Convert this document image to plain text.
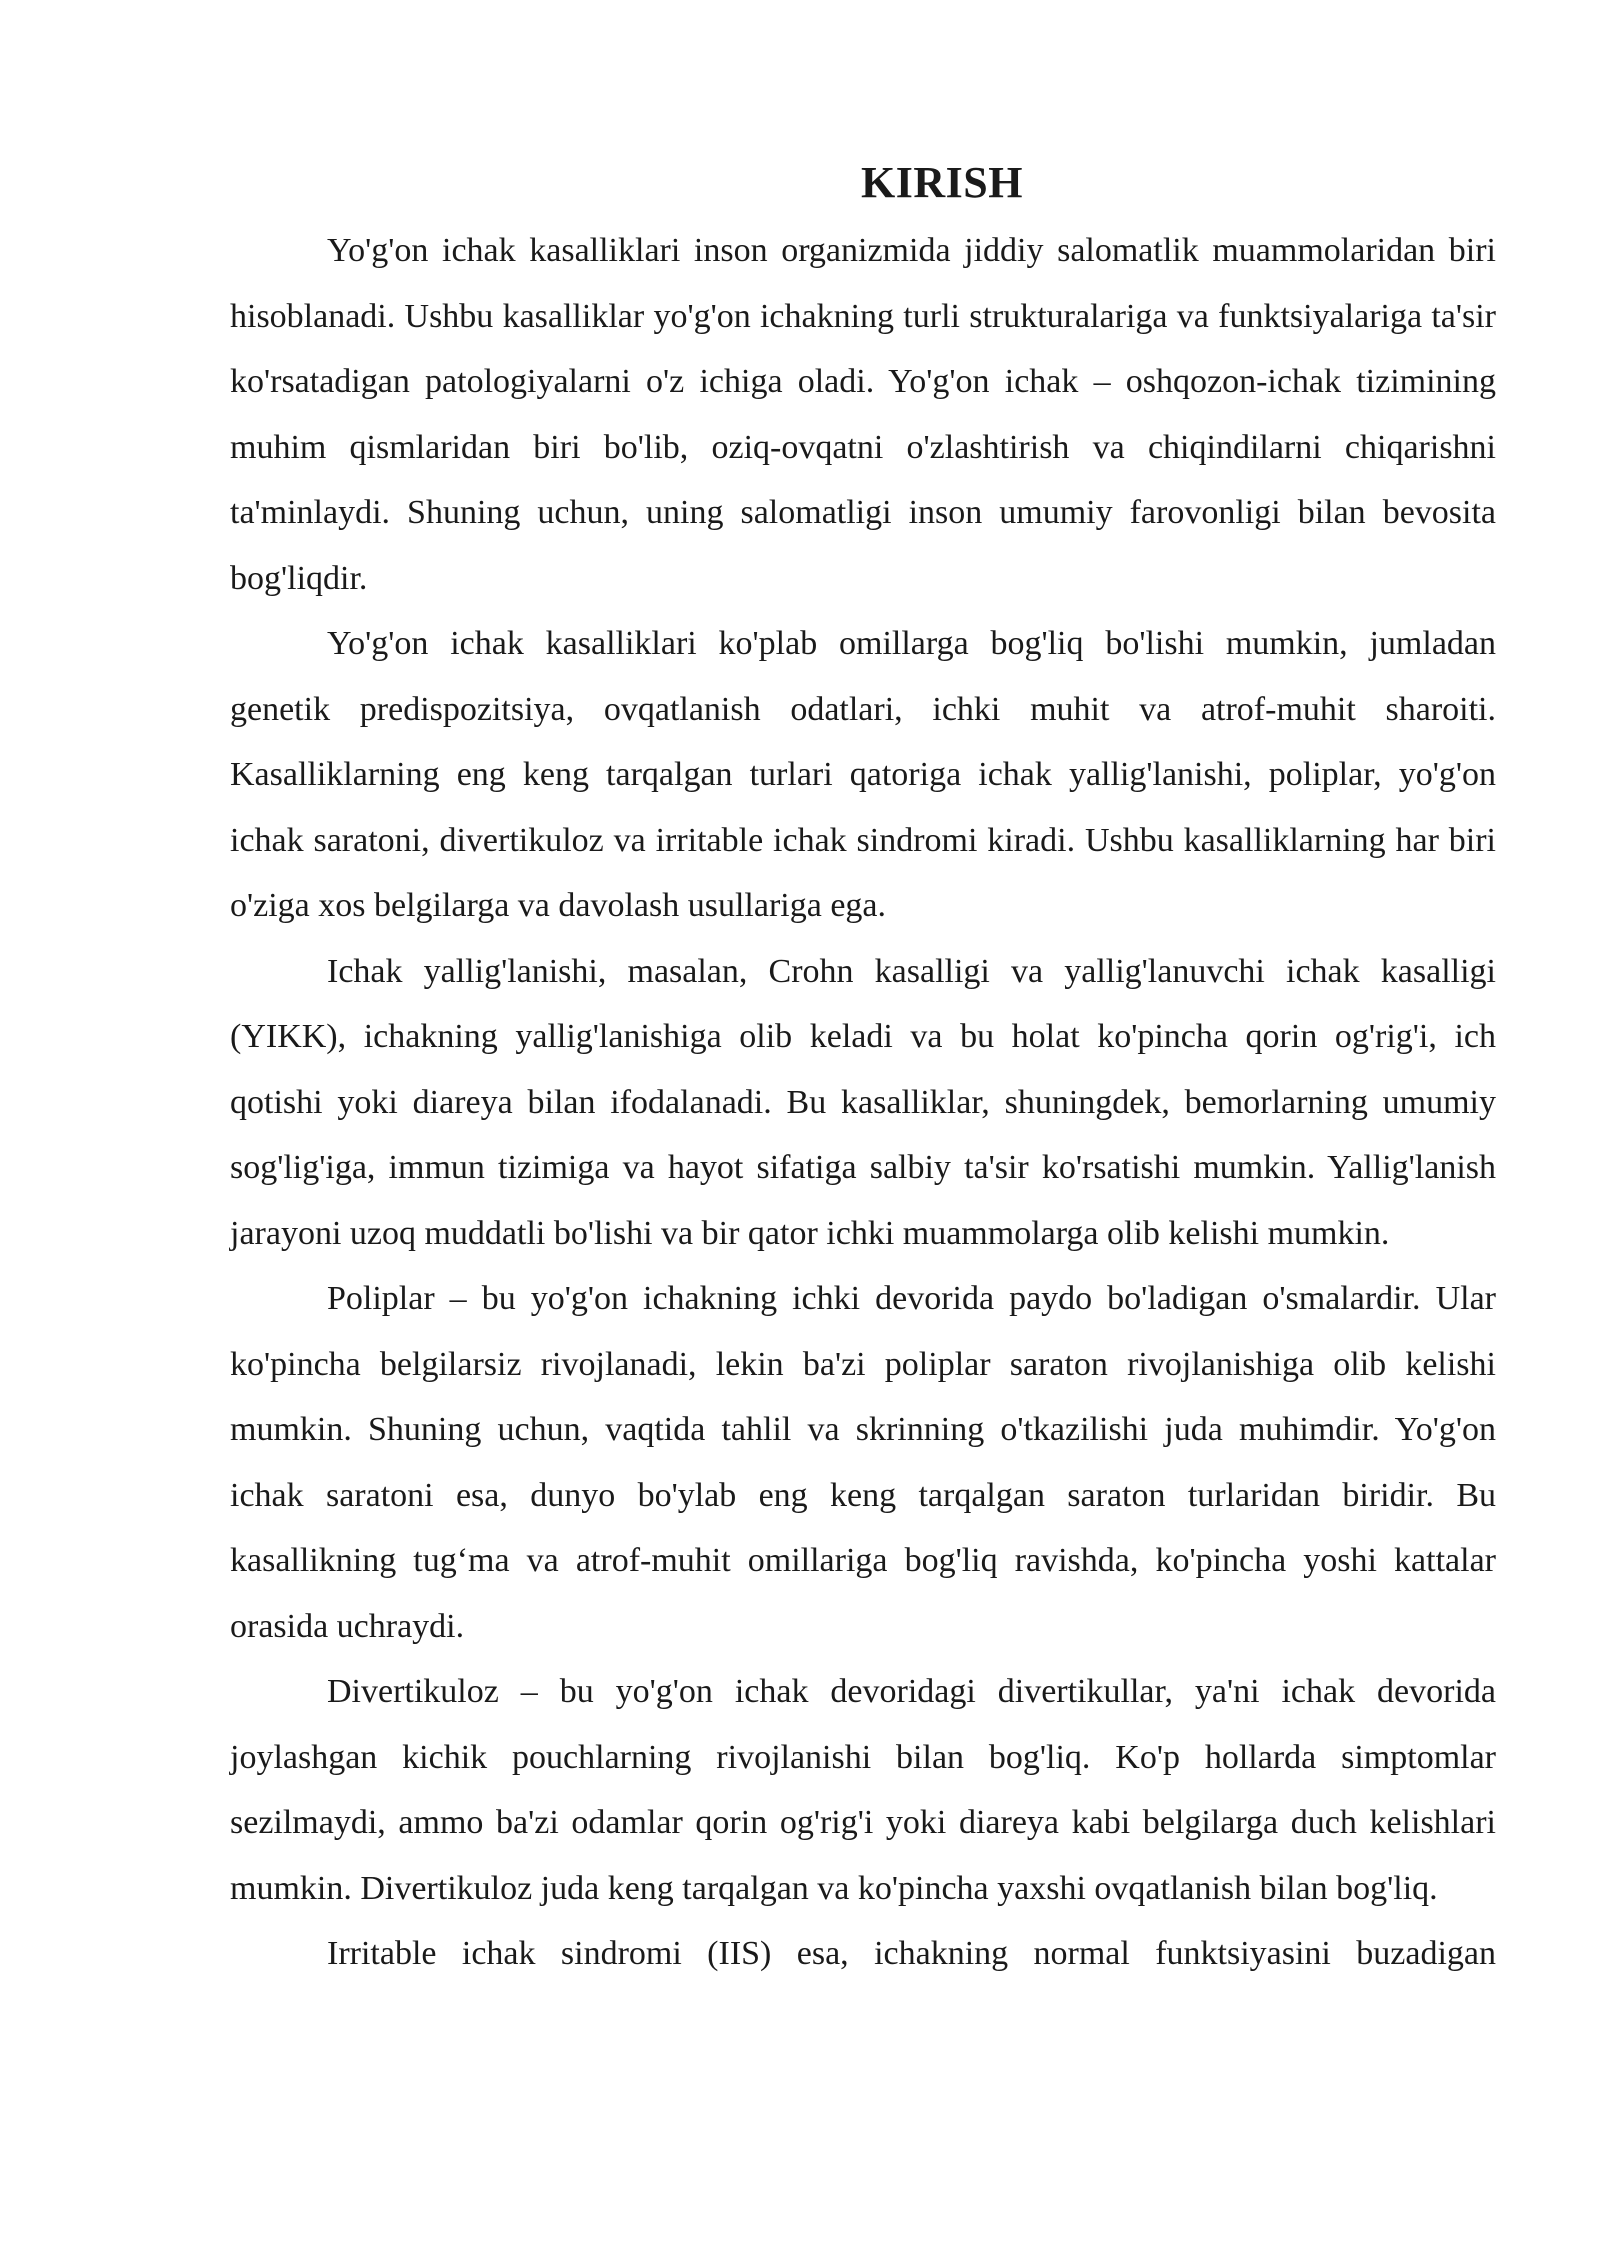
KIRISH

Yo'g'on ichak kasalliklari inson organizmida jiddiy salomatlik muammolaridan biri hisoblanadi. Ushbu kasalliklar yo'g'on ichakning turli strukturalariga va funktsiyalariga ta'sir ko'rsatadigan patologiyalarni o'z ichiga oladi. Yo'g'on ichak – oshqozon-ichak tizimining muhim qismlaridan biri bo'lib, oziq-ovqatni o'zlashtirish va chiqindilarni chiqarishni ta'minlaydi. Shuning uchun, uning salomatligi inson umumiy farovonligi bilan bevosita bog'liqdir.

Yo'g'on ichak kasalliklari ko'plab omillarga bog'liq bo'lishi mumkin, jumladan genetik predispozitsiya, ovqatlanish odatlari, ichki muhit va atrof-muhit sharoiti. Kasalliklarning eng keng tarqalgan turlari qatoriga ichak yallig'lanishi, poliplar, yo'g'on ichak saratoni, divertikuloz va irritable ichak sindromi kiradi. Ushbu kasalliklarning har biri o'ziga xos belgilarga va davolash usullariga ega.

Ichak yallig'lanishi, masalan, Crohn kasalligi va yallig'lanuvchi ichak kasalligi (YIKK), ichakning yallig'lanishiga olib keladi va bu holat ko'pincha qorin og'rig'i, ich qotishi yoki diareya bilan ifodalanadi. Bu kasalliklar, shuningdek, bemorlarning umumiy sog'lig'iga, immun tizimiga va hayot sifatiga salbiy ta'sir ko'rsatishi mumkin. Yallig'lanish jarayoni uzoq muddatli bo'lishi va bir qator ichki muammolarga olib kelishi mumkin.

Poliplar – bu yo'g'on ichakning ichki devorida paydo bo'ladigan o'smalardir. Ular ko'pincha belgilarsiz rivojlanadi, lekin ba'zi poliplar saraton rivojlanishiga olib kelishi mumkin. Shuning uchun, vaqtida tahlil va skrinning o'tkazilishi juda muhimdir. Yo'g'on ichak saratoni esa, dunyo bo'ylab eng keng tarqalgan saraton turlaridan biridir. Bu kasallikning tug‘ma va atrof-muhit omillariga bog'liq ravishda, ko'pincha yoshi kattalar orasida uchraydi.

Divertikuloz – bu yo'g'on ichak devoridagi divertikullar, ya'ni ichak devorida joylashgan kichik pouchlarning rivojlanishi bilan bog'liq. Ko'p hollarda simptomlar sezilmaydi, ammo ba'zi odamlar qorin og'rig'i yoki diareya kabi belgilarga duch kelishlari mumkin. Divertikuloz juda keng tarqalgan va ko'pincha yaxshi ovqatlanish bilan bog'liq.

Irritable ichak sindromi (IIS) esa, ichakning normal funktsiyasini buzadigan
